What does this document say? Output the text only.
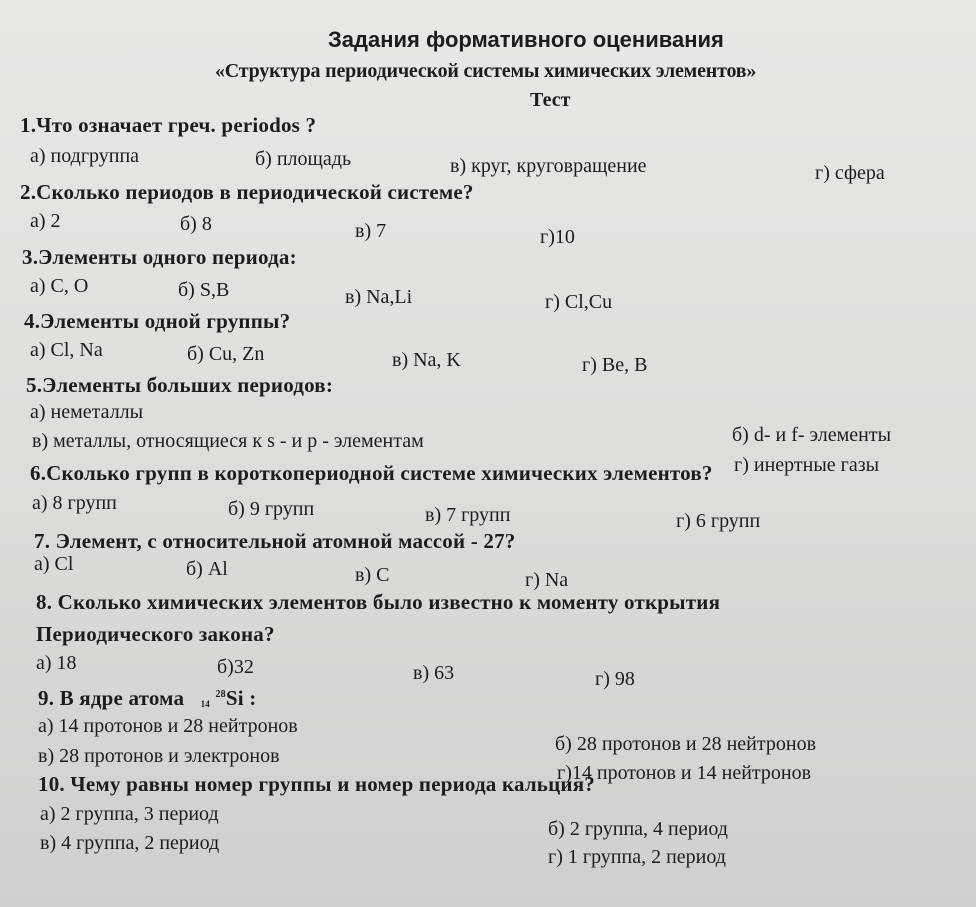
Задания формативного оценивания
«Структура периодической системы химических элементов»
Тест
1.Что означает греч. periodos ?
а) подгруппа	б) площадь	в) круг, круговращение	г) сфера
2.Сколько периодов в периодической системе?
а) 2	б) 8	в) 7	г)10
3.Элементы одного периода:
а) С, О	б) S,B	в) Na,Li	г) Cl,Cu
4.Элементы одной группы?
а) Cl, Na	б) Cu, Zn	в) Na, K	г) Be, B
5.Элементы больших периодов:
а) неметаллы
б) d- и f- элементы
в) металлы, относящиеся к s - и p - элементам
г) инертные газы
6.Сколько групп в короткопериодной системе химических элементов?
а) 8 групп	б) 9 групп	в) 7 групп	г) 6 групп
7. Элемент, с относительной атомной массой - 27?
а) Cl	б) Al	в) С	г) Na
8. Сколько химических элементов было известно к моменту открытия
Периодического закона?
а) 18	б)32	в) 63	г) 98
9. В ядре атома $_{14}$ $^{28}$Si :
а) 14 протонов и 28 нейтронов
б) 28 протонов и 28 нейтронов
в) 28 протонов и электронов
г)14 протонов и 14 нейтронов
10. Чему равны номер группы и номер периода кальция?
а) 2 группа, 3 период
б) 2 группа, 4 период
в) 4 группа, 2 период
г) 1 группа, 2 период
